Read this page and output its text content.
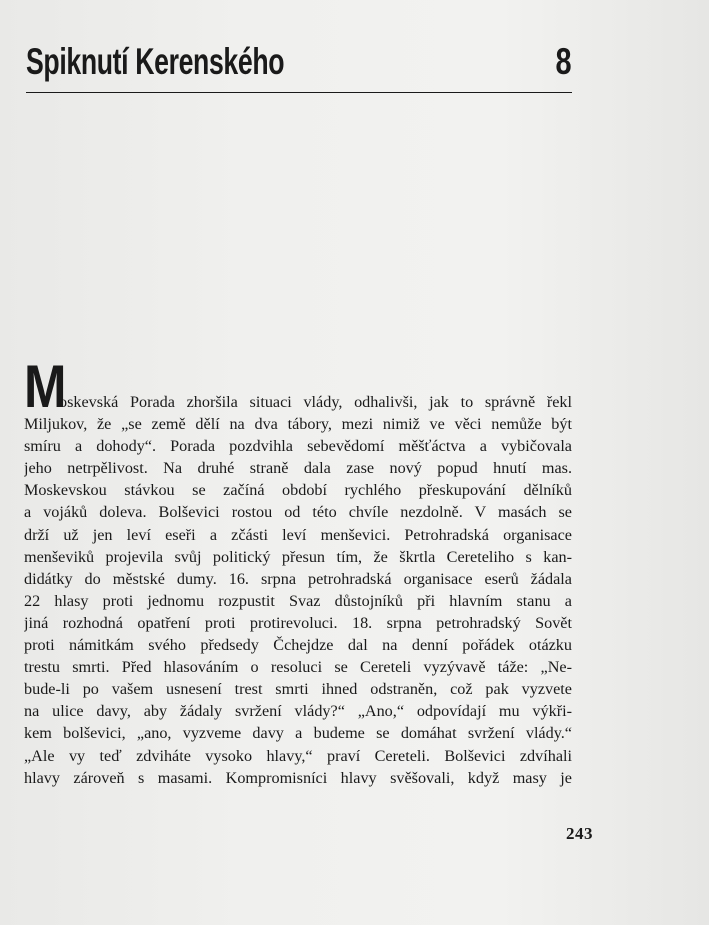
Spiknutí Kerenského	8
M
oskevská Porada zhoršila situaci vlády, odhalivši, jak to správně řekl
Miljukov, že „se země dělí na dva tábory, mezi nimiž ve věci nemůže být
smíru a dohody“. Porada pozdvihla sebevědomí měšťáctva a vybičovala
jeho netrpělivost. Na druhé straně dala zase nový popud hnutí mas.
Moskevskou stávkou se začíná období rychlého přeskupování dělníků
a vojáků doleva. Bolševici rostou od této chvíle nezdolně. V masách se
drží už jen leví eseři a zčásti leví menševici. Petrohradská organisace
menševiků projevila svůj politický přesun tím, že škrtla Cereteliho s kan-
didátky do městské dumy. 16. srpna petrohradská organisace eserů žádala
22 hlasy proti jednomu rozpustit Svaz důstojníků při hlavním stanu a
jiná rozhodná opatření proti protirevoluci. 18. srpna petrohradský Sovět
proti námitkám svého předsedy Čchejdze dal na denní pořádek otázku
trestu smrti. Před hlasováním o resoluci se Cereteli vyzývavě táže: „Ne-
bude-li po vašem usnesení trest smrti ihned odstraněn, což pak vyzvete
na ulice davy, aby žádaly svržení vlády?“ „Ano,“ odpovídají mu výkři-
kem bolševici, „ano, vyzveme davy a budeme se domáhat svržení vlády.“
„Ale vy teď zdviháte vysoko hlavy,“ praví Cereteli. Bolševici zdvíhali
hlavy zároveň s masami. Kompromisníci hlavy svěšovali, když masy je
243
